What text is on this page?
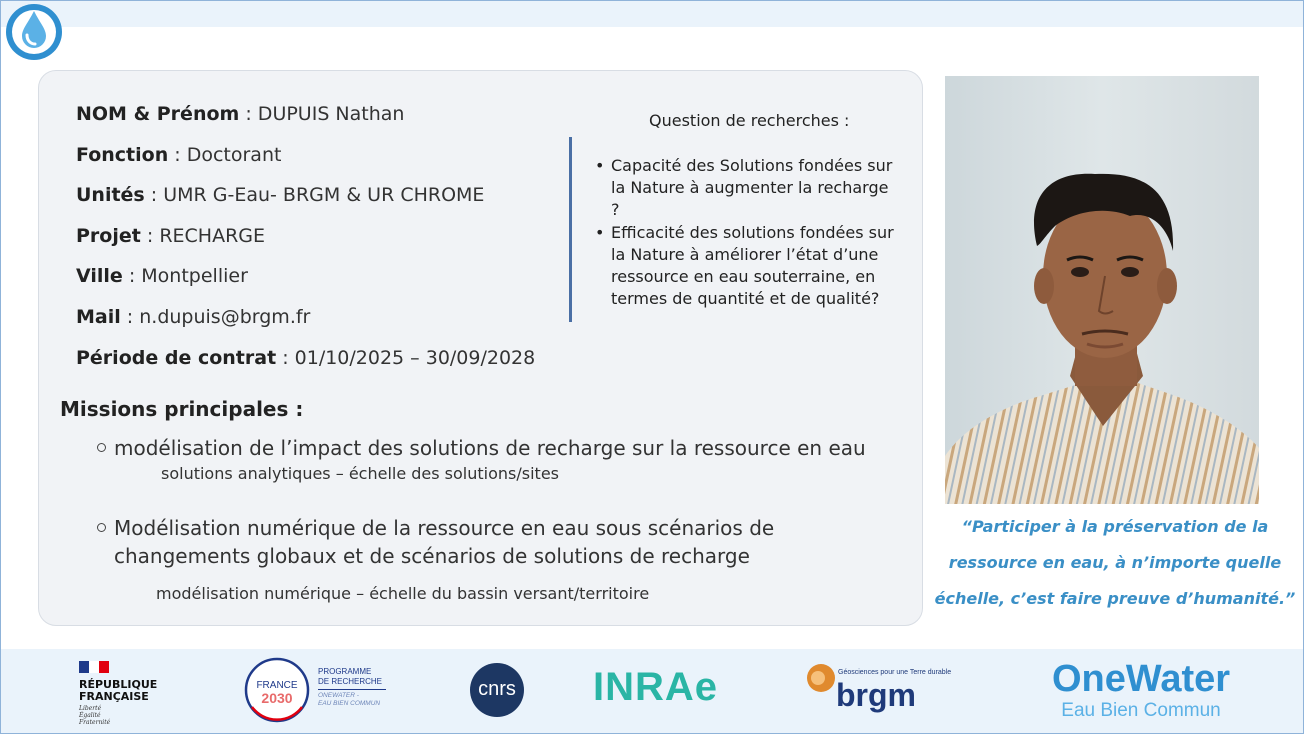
NOM & Prénom : DUPUIS Nathan
Fonction : Doctorant
Unités : UMR G-Eau- BRGM & UR CHROME
Projet : RECHARGE
Ville : Montpellier
Mail : n.dupuis@brgm.fr
Période de contrat : 01/10/2025 – 30/09/2028
Question de recherches :
• Capacité des Solutions fondées sur la Nature à augmenter la recharge ?
• Efficacité des solutions fondées sur la Nature à améliorer l’état d’une ressource en eau souterraine, en termes de quantité et de qualité?
Missions principales :
modélisation de l’impact des solutions de recharge sur la ressource en eau
solutions analytiques – échelle des solutions/sites
Modélisation numérique de la ressource en eau sous scénarios de changements globaux et de scénarios de solutions de recharge
modélisation numérique – échelle du bassin versant/territoire
“Participer à la préservation de la ressource en eau, à n’importe quelle échelle, c’est faire preuve d’humanité.”
RÉPUBLIQUE
FRANÇAISE
Liberté
Égalité
Fraternité
FRANCE
2030
PROGRAMME
DE RECHERCHE
ONEWATER -
EAU BIEN COMMUN
cnrs INRAe	Géosciences pour une Terre durable
brgm	OneWater
Eau Bien Commun
